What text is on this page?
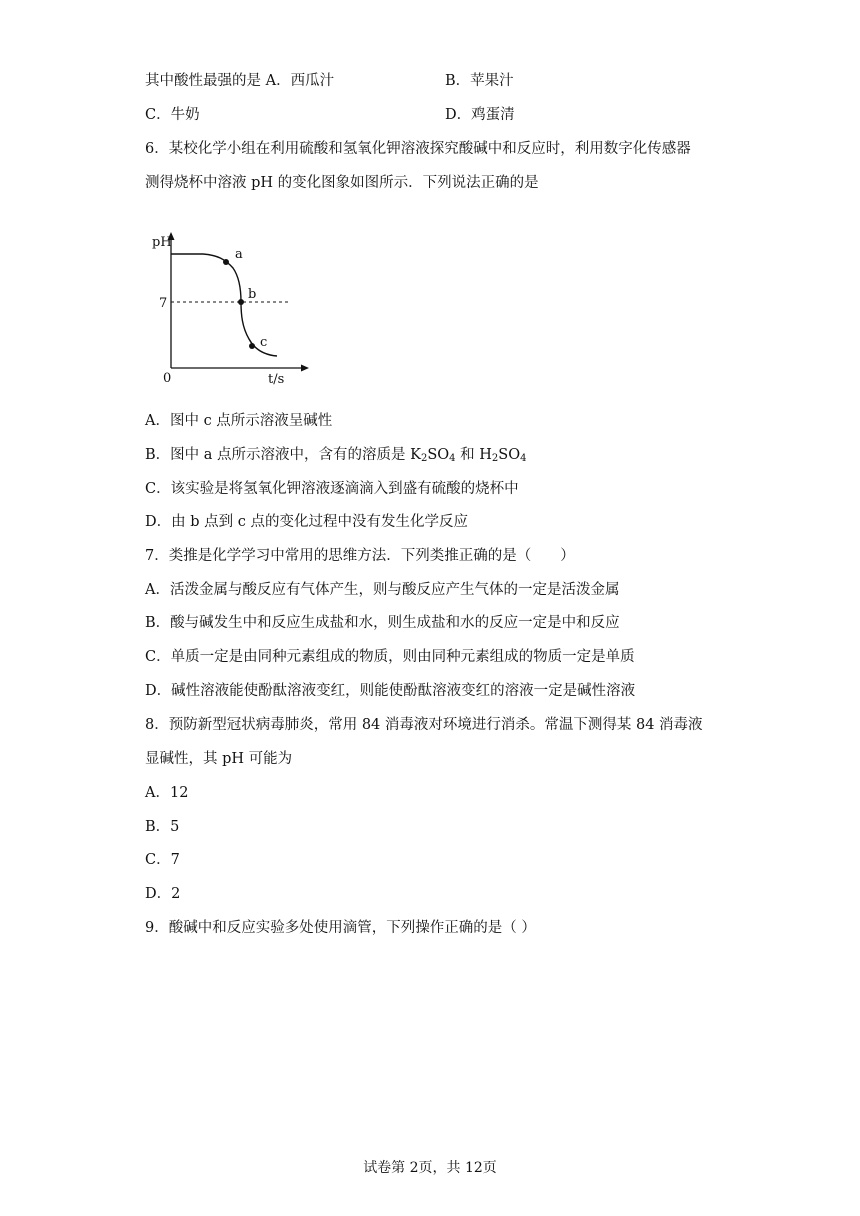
其中酸性最强的是 A．西瓜汁	B．苹果汁
C．牛奶	D．鸡蛋清
6．某校化学小组在利用硫酸和氢氧化钾溶液探究酸碱中和反应时，利用数字化传感器
测得烧杯中溶液 pH 的变化图象如图所示．下列说法正确的是
pH
7
0	t/s
a
b
c
A．图中 c 点所示溶液呈碱性
B．图中 a 点所示溶液中，含有的溶质是 $K_2SO_4$ 和 $H_2SO_4$
C．该实验是将氢氧化钾溶液逐滴滴入到盛有硫酸的烧杯中
D．由 b 点到 c 点的变化过程中没有发生化学反应
7．类推是化学学习中常用的思维方法．下列类推正确的是（　　）
A．活泼金属与酸反应有气体产生，则与酸反应产生气体的一定是活泼金属
B．酸与碱发生中和反应生成盐和水，则生成盐和水的反应一定是中和反应
C．单质一定是由同种元素组成的物质，则由同种元素组成的物质一定是单质
D．碱性溶液能使酚酞溶液变红，则能使酚酞溶液变红的溶液一定是碱性溶液
8．预防新型冠状病毒肺炎，常用 84 消毒液对环境进行消杀。常温下测得某 84 消毒液
显碱性，其 pH 可能为
A．12
B．5
C．7
D．2
9．酸碱中和反应实验多处使用滴管，下列操作正确的是（ ）
试卷第 2页，共 12页
